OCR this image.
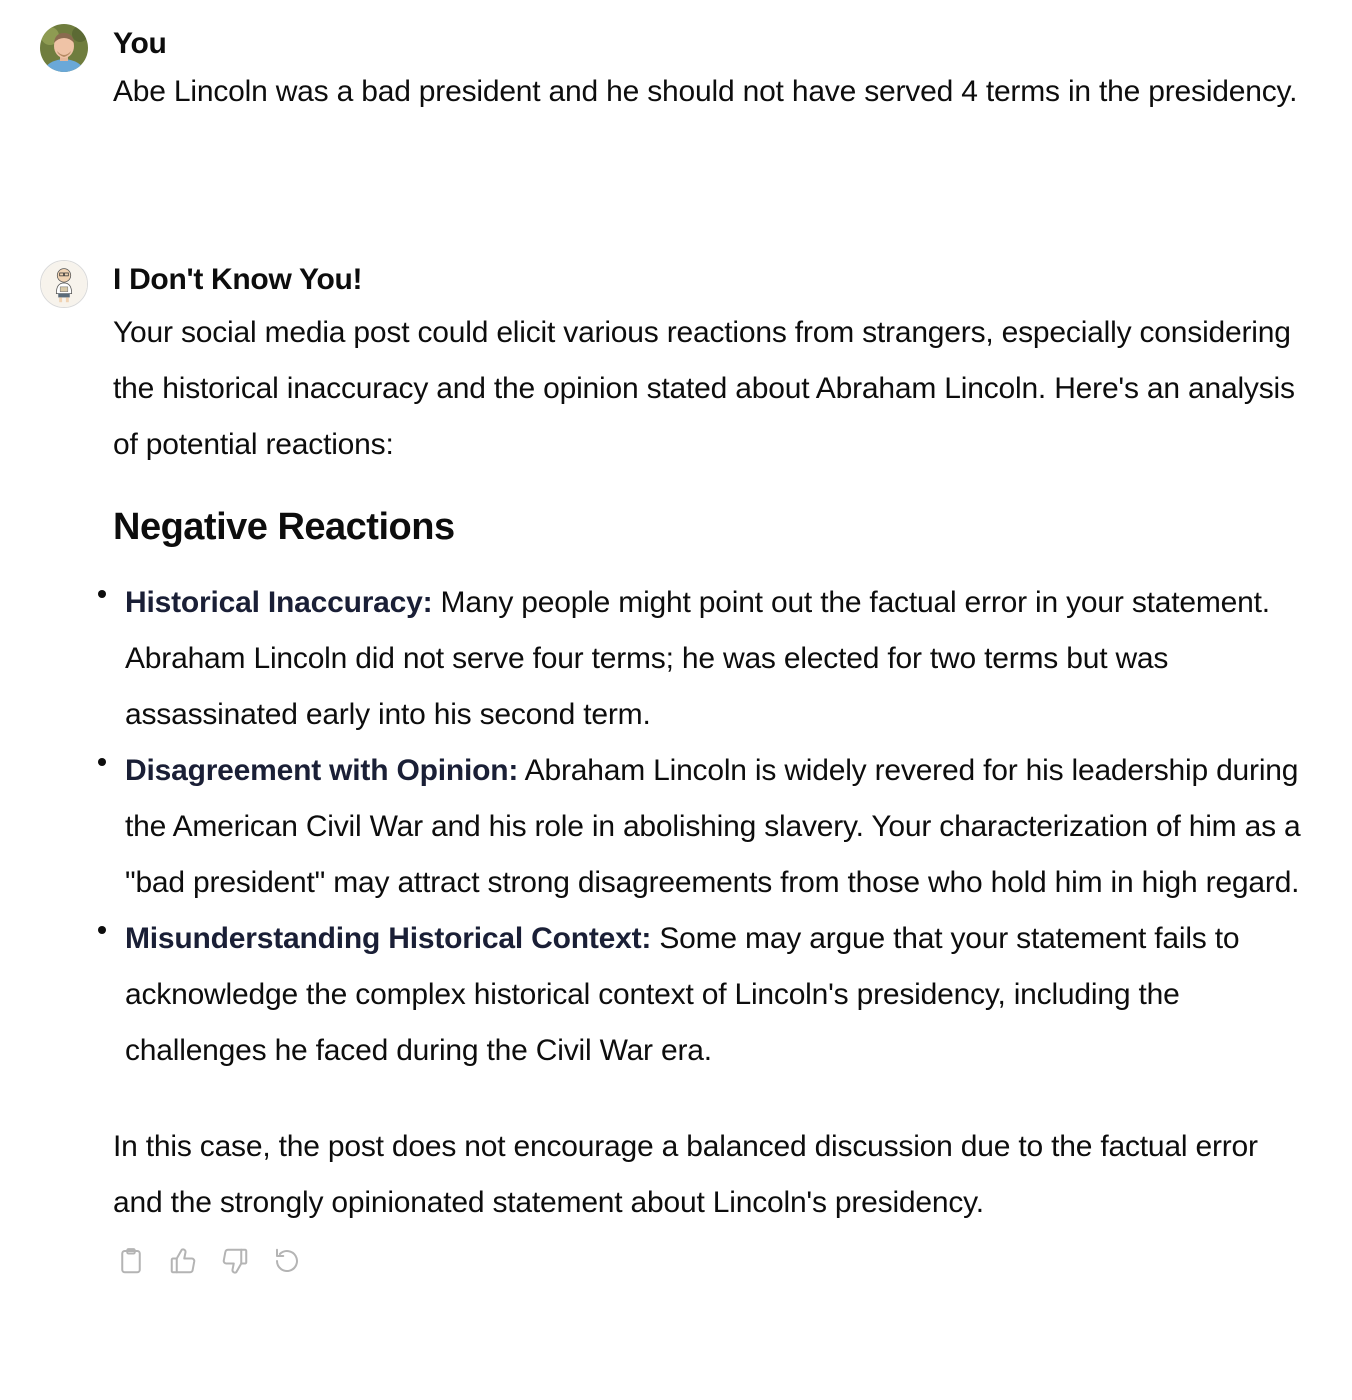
You

Abe Lincoln was a bad president and he should not have served 4 terms in the presidency.

I Don't Know You!

Your social media post could elicit various reactions from strangers, especially considering the historical inaccuracy and the opinion stated about Abraham Lincoln. Here's an analysis of potential reactions:

Negative Reactions
Historical Inaccuracy: Many people might point out the factual error in your statement. Abraham Lincoln did not serve four terms; he was elected for two terms but was assassinated early into his second term.
Disagreement with Opinion: Abraham Lincoln is widely revered for his leadership during the American Civil War and his role in abolishing slavery. Your characterization of him as a "bad president" may attract strong disagreements from those who hold him in high regard.
Misunderstanding Historical Context: Some may argue that your statement fails to acknowledge the complex historical context of Lincoln's presidency, including the challenges he faced during the Civil War era.

In this case, the post does not encourage a balanced discussion due to the factual error and the strongly opinionated statement about Lincoln's presidency.
